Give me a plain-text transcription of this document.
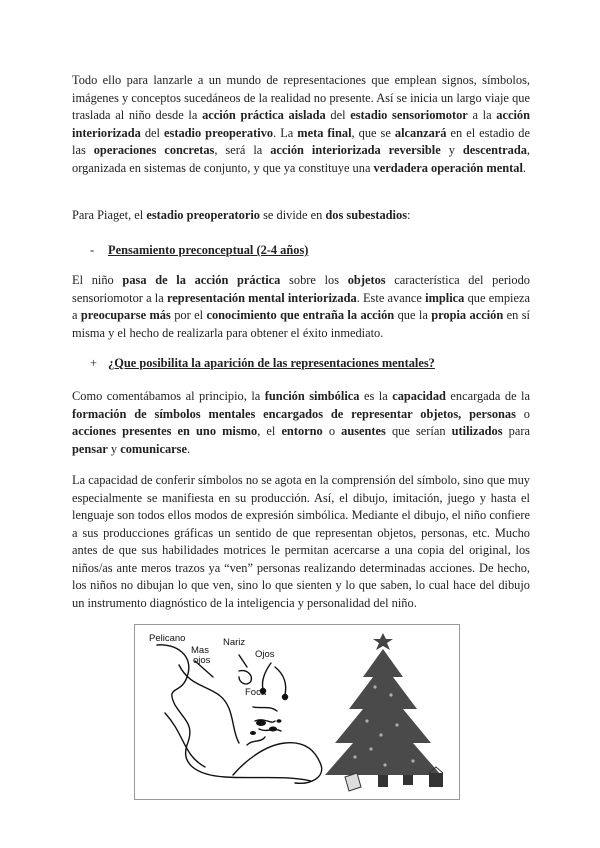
Todo ello para lanzarle a un mundo de representaciones que emplean signos, símbolos, imágenes y conceptos sucedáneos de la realidad no presente. Así se inicia un largo viaje que traslada al niño desde la acción práctica aislada del estadio sensoriomotor a la acción interiorizada del estadio preoperativo. La meta final, que se alcanzará en el estadio de las operaciones concretas, será la acción interiorizada reversible y descentrada, organizada en sistemas de conjunto, y que ya constituye una verdadera operación mental.

Para Piaget, el estadio preoperatorio se divide en dos subestadios:

- Pensamiento preconceptual (2-4 años)

El niño pasa de la acción práctica sobre los objetos característica del periodo sensoriomotor a la representación mental interiorizada. Este avance implica que empieza a preocuparse más por el conocimiento que entraña la acción que la propia acción en sí misma y el hecho de realizarla para obtener el éxito inmediato.

+ ¿Que posibilita la aparición de las representaciones mentales?

Como comentábamos al principio, la función simbólica es la capacidad encargada de la formación de símbolos mentales encargados de representar objetos, personas o acciones presentes en uno mismo, el entorno o ausentes que serían utilizados para pensar y comunicarse.

La capacidad de conferir símbolos no se agota en la comprensión del símbolo, sino que muy especialmente se manifiesta en su producción. Así, el dibujo, imitación, juego y hasta el lenguaje son todos ellos modos de expresión simbólica. Mediante el dibujo, el niño confiere a sus producciones gráficas un sentido de que representan objetos, personas, etc. Mucho antes de que sus habilidades motrices le permitan acercarse a una copia del original, los niños/as ante meros trazos ya “ven” personas realizando determinadas acciones. De hecho, los niños no dibujan lo que ven, sino lo que sienten y lo que saben, lo cual hace del dibujo un instrumento diagnóstico de la inteligencia y personalidad del niño.

Pelicano
Mas
ojos
Nariz
Ojos
Foca
